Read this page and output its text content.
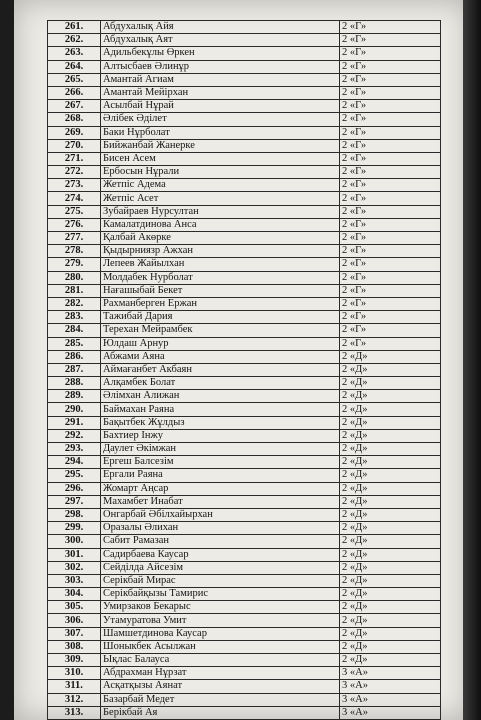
261.	Абдухалық Айя	2 «Г»
262.	Абдухалық Аят	2 «Г»
263.	Адильбекұлы Өркен	2 «Г»
264.	Алтысбаев Әлинұр	2 «Г»
265.	Амантай Агиам	2 «Г»
266.	Амантай Мейірхан	2 «Г»
267.	Асылбай Нұрай	2 «Г»
268.	Әлібек Әділет	2 «Г»
269.	Баки Нұрболат	2 «Г»
270.	Бийжанбай Жанерке	2 «Г»
271.	Бисен Асем	2 «Г»
272.	Ербосын Нұрали	2 «Г»
273.	Жетпіс Адема	2 «Г»
274.	Жетпіс Асет	2 «Г»
275.	Зубайраев Нурсултан	2 «Г»
276.	Камалатдинова Анса	2 «Г»
277.	Қалбай Акөрке	2 «Г»
278.	Қыдырниязр Ажхан	2 «Г»
279.	Лепеев Жайылхан	2 «Г»
280.	Молдабек Нурболат	2 «Г»
281.	Нағашыбай Бекет	2 «Г»
282.	Рахманберген Ержан	2 «Г»
283.	Тажибай Дария	2 «Г»
284.	Терехан Мейрамбек	2 «Г»
285.	Юлдаш Арнур	2 «Г»
286.	Абжами Аяна	2 «Д»
287.	Аймағанбет Акбаян	2 «Д»
288.	Алқамбек Болат	2 «Д»
289.	Әлімхан Алижан	2 «Д»
290.	Баймахан Раяна	2 «Д»
291.	Бақытбек Жұлдыз	2 «Д»
292.	Бахтиер Інжу	2 «Д»
293.	Даулет Әкімжан	2 «Д»
294.	Ергеш Балсезім	2 «Д»
295.	Ергали Раяна	2 «Д»
296.	Жомарт Аңсар	2 «Д»
297.	Махамбет Инабат	2 «Д»
298.	Онгарбай Әбілхайырхан	2 «Д»
299.	Оразалы Әлихан	2 «Д»
300.	Сабит Рамазан	2 «Д»
301.	Садирбаева Каусар	2 «Д»
302.	Сейділда Айсезім	2 «Д»
303.	Серікбай Мирас	2 «Д»
304.	Серікбайқызы Тамирис	2 «Д»
305.	Умирзаков Бекарыс	2 «Д»
306.	Утамуратова Умит	2 «Д»
307.	Шамшетдинова Каусар	2 «Д»
308.	Шоныкбек Асылжан	2 «Д»
309.	Ықлас Балауса	2 «Д»
310.	Абдрахман Нұрзат	3 «А»
311.	Асқатқызы Аянат	3 «А»
312.	Базарбай Медет	3 «А»
313.	Берікбай Ая	3 «А»
